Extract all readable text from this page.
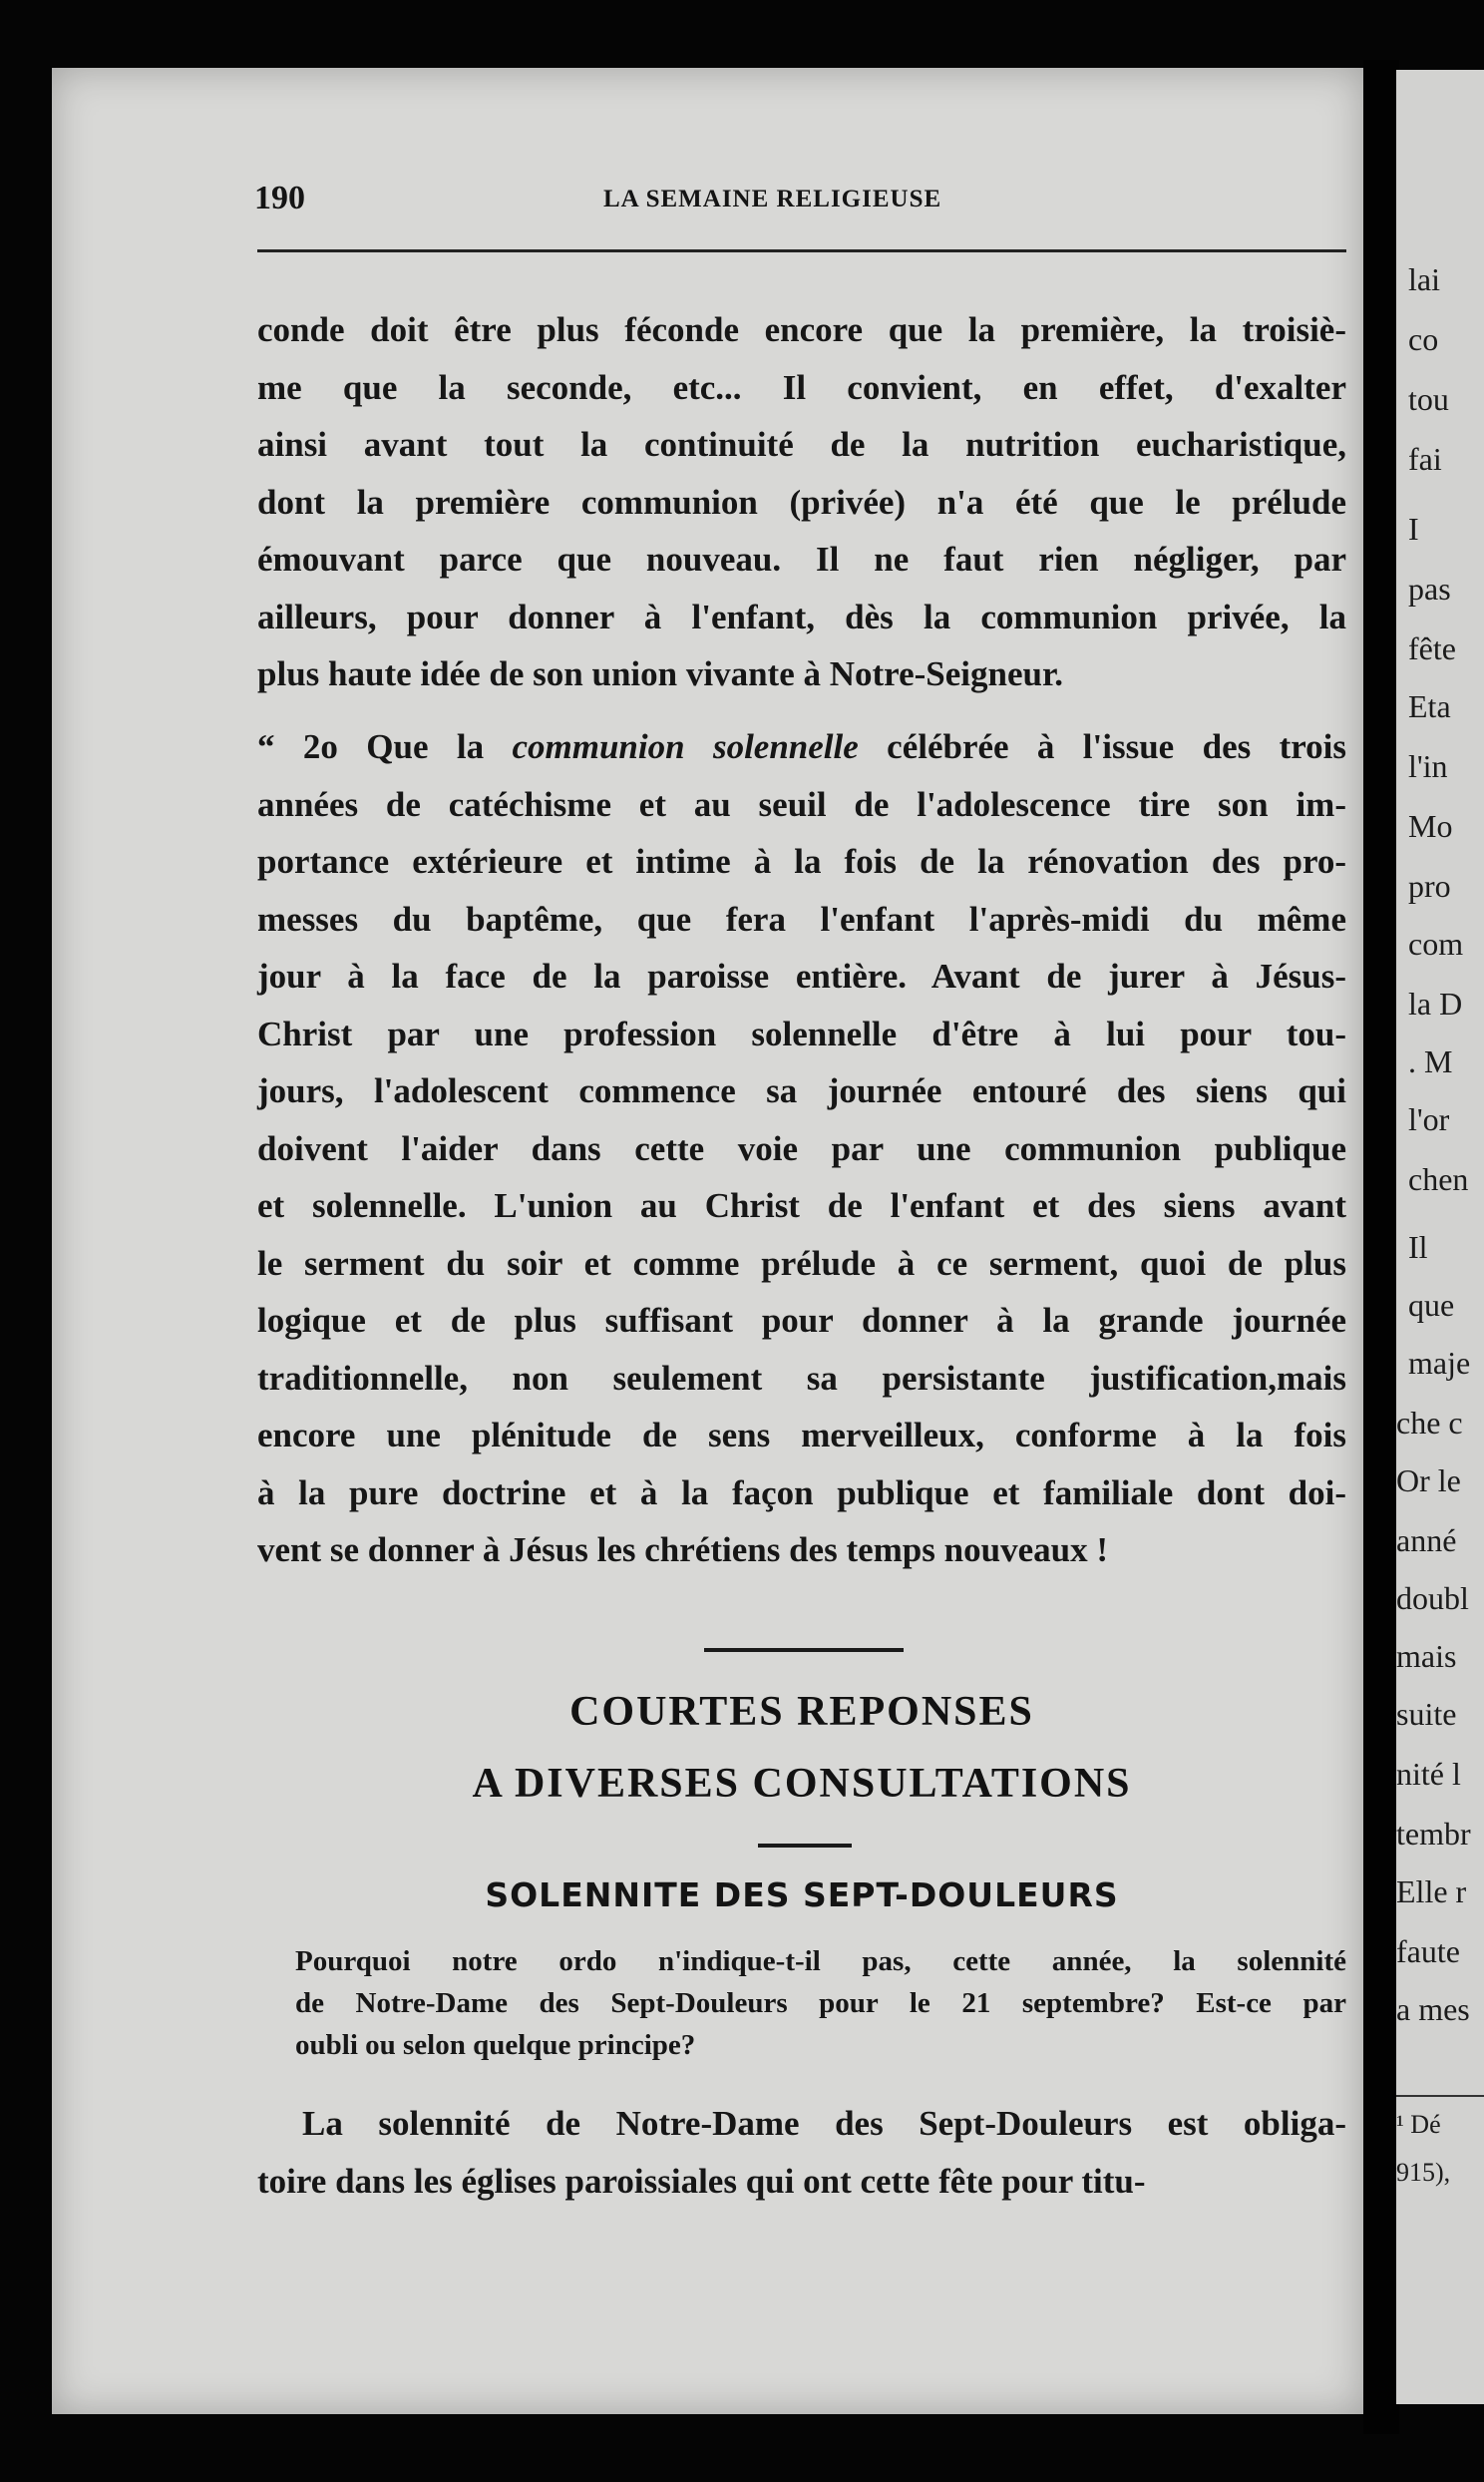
lai
co
tou
fai
I
pas
fête
Eta
l'in
Mo
pro
com
la D
. M
l'or
chen
Il
que
maje
che c
Or le
anné
doubl
mais
suite
nité l
tembr
Elle r
faute
a mes
¹ Dé
915),
190	LA SEMAINE RELIGIEUSE
conde doit être plus féconde encore que la première, la troisiè-
me que la seconde, etc... Il convient, en effet, d'exalter
ainsi avant tout la continuité de la nutrition eucharistique,
dont la première communion (privée) n'a été que le prélude
émouvant parce que nouveau. Il ne faut rien négliger, par
ailleurs, pour donner à l'enfant, dès la communion privée, la
plus haute idée de son union vivante à Notre-Seigneur.
“ 2o Que la communion solennelle célébrée à l'issue des trois
années de catéchisme et au seuil de l'adolescence tire son im-
portance extérieure et intime à la fois de la rénovation des pro-
messes du baptême, que fera l'enfant l'après-midi du même
jour à la face de la paroisse entière. Avant de jurer à Jésus-
Christ par une profession solennelle d'être à lui pour tou-
jours, l'adolescent commence sa journée entouré des siens qui
doivent l'aider dans cette voie par une communion publique
et solennelle. L'union au Christ de l'enfant et des siens avant
le serment du soir et comme prélude à ce serment, quoi de plus
logique et de plus suffisant pour donner à la grande journée
traditionnelle, non seulement sa persistante justification,mais
encore une plénitude de sens merveilleux, conforme à la fois
à la pure doctrine et à la façon publique et familiale dont doi-
vent se donner à Jésus les chrétiens des temps nouveaux !
COURTES REPONSES
A DIVERSES CONSULTATIONS
SOLENNITE DES SEPT-DOULEURS
Pourquoi notre ordo n'indique-t-il pas, cette année, la solennité
de Notre-Dame des Sept-Douleurs pour le 21 septembre? Est-ce par
oubli ou selon quelque principe?
La solennité de Notre-Dame des Sept-Douleurs est obliga-
toire dans les églises paroissiales qui ont cette fête pour titu-
